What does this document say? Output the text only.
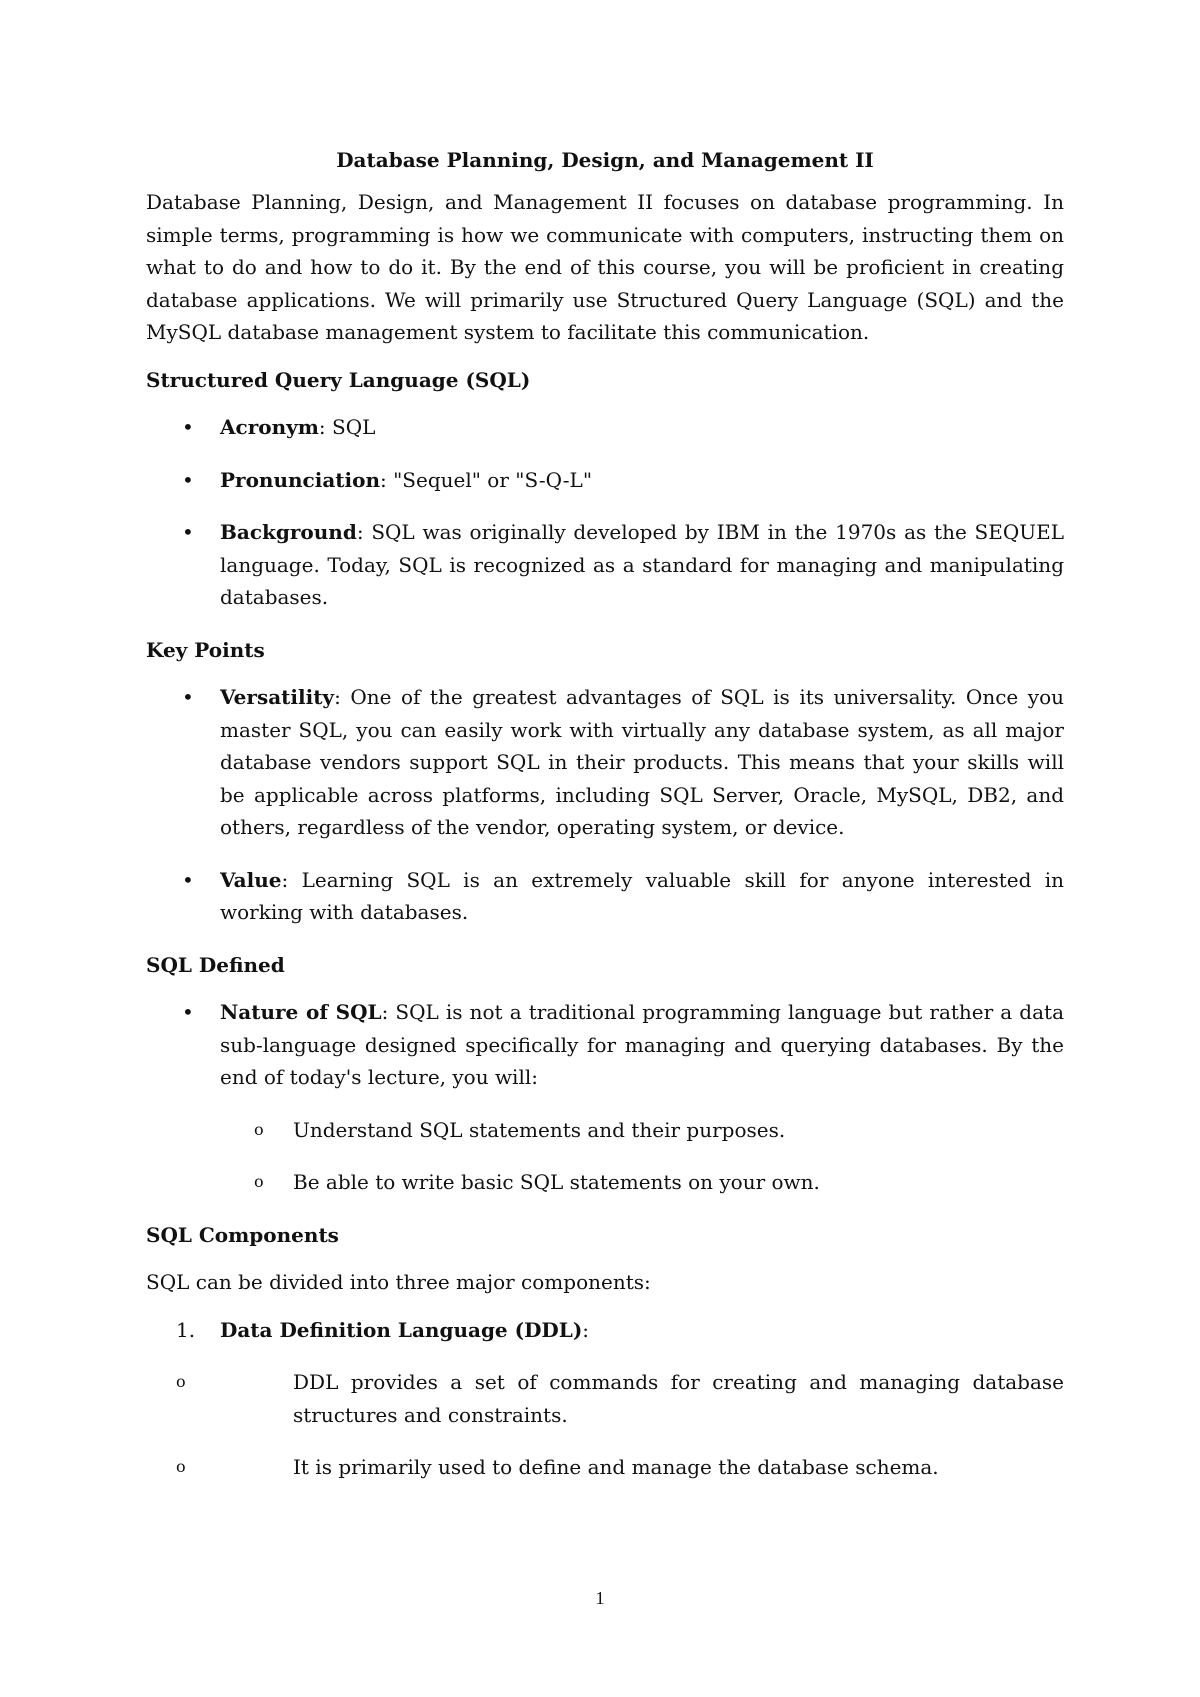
Database Planning, Design, and Management II

Database Planning, Design, and Management II focuses on database programming. In simple terms, programming is how we communicate with computers, instructing them on what to do and how to do it. By the end of this course, you will be proficient in creating database applications. We will primarily use Structured Query Language (SQL) and the MySQL database management system to facilitate this communication.

Structured Query Language (SQL)
• Acronym: SQL
• Pronunciation: "Sequel" or "S-Q-L"
• Background: SQL was originally developed by IBM in the 1970s as the SEQUEL language. Today, SQL is recognized as a standard for managing and manipulating databases.
Key Points
• Versatility: One of the greatest advantages of SQL is its universality. Once you master SQL, you can easily work with virtually any database system, as all major database vendors support SQL in their products. This means that your skills will be applicable across platforms, including SQL Server, Oracle, MySQL, DB2, and others, regardless of the vendor, operating system, or device.
• Value: Learning SQL is an extremely valuable skill for anyone interested in working with databases.
SQL Defined
• Nature of SQL: SQL is not a traditional programming language but rather a data sub-language designed specifically for managing and querying databases. By the end of today's lecture, you will:
o Understand SQL statements and their purposes.
o Be able to write basic SQL statements on your own.
SQL Components

SQL can be divided into three major components:

1. Data Definition Language (DDL):
o	DDL provides a set of commands for creating and managing database structures and constraints.
o	It is primarily used to define and manage the database schema.
1
